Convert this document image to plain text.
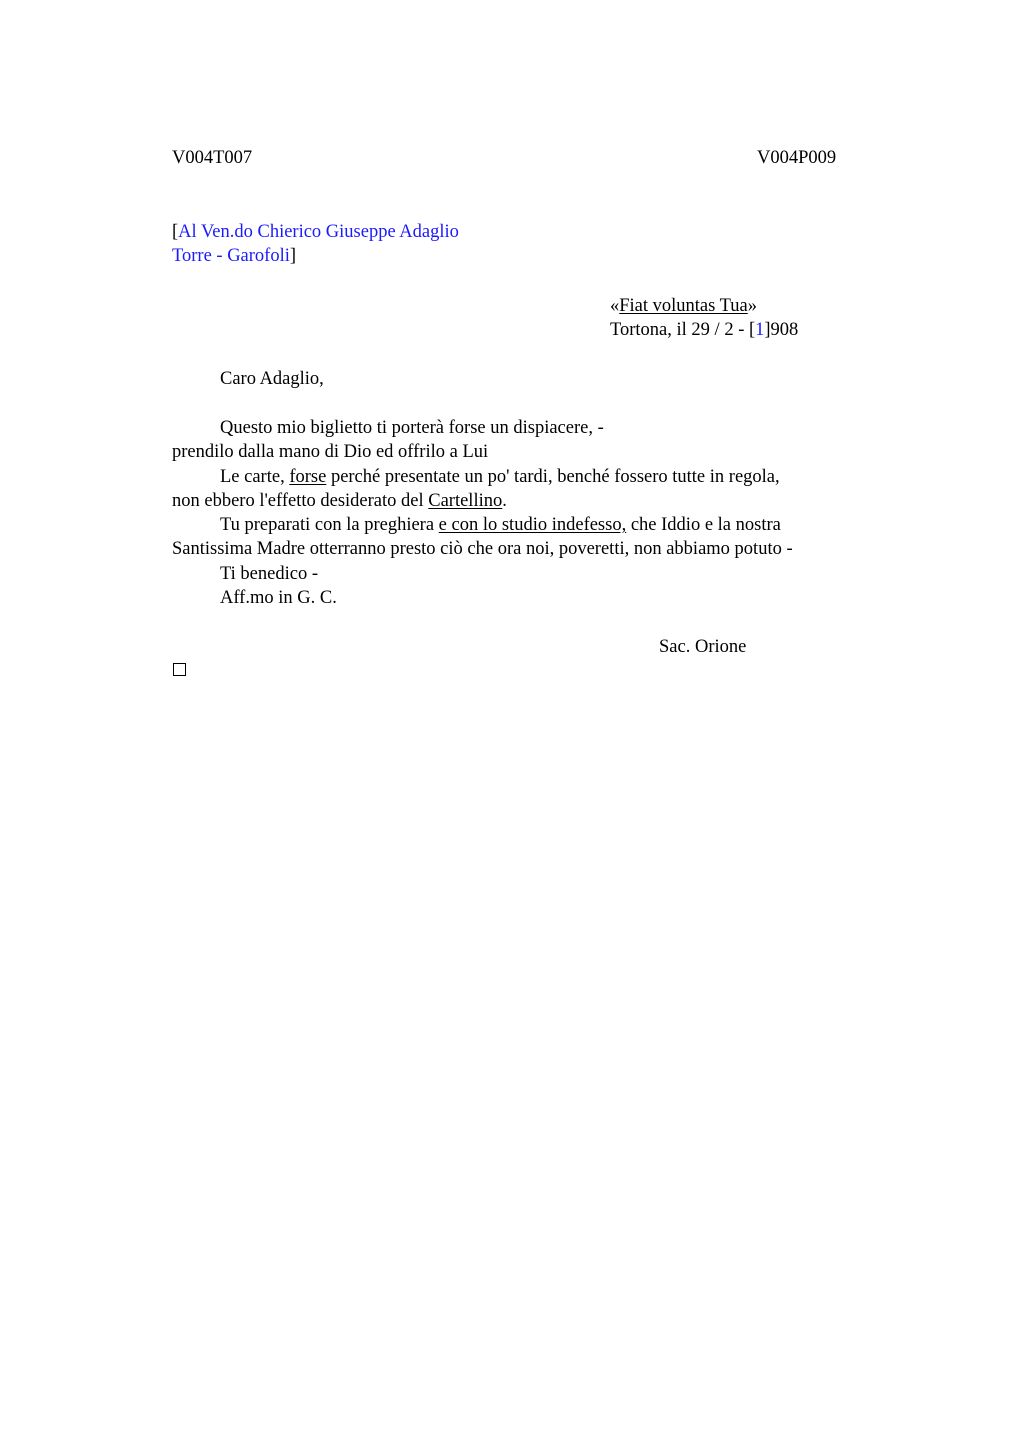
V004T007	V004P009
[Al Ven.do Chierico Giuseppe Adaglio
Torre - Garofoli]
«Fiat voluntas Tua»
Tortona, il 29 / 2 - [1]908
Caro Adaglio,
Questo mio biglietto ti porterà forse un dispiacere, -
prendilo dalla mano di Dio ed offrilo a Lui
Le carte, forse perché presentate un po' tardi, benché fossero tutte in regola,
non ebbero l'effetto desiderato del Cartellino.
Tu preparati con la preghiera e con lo studio indefesso, che Iddio e la nostra
Santissima Madre otterranno presto ciò che ora noi, poveretti, non abbiamo potuto -
Ti benedico -
Aff.mo in G. C.
Sac. Orione
